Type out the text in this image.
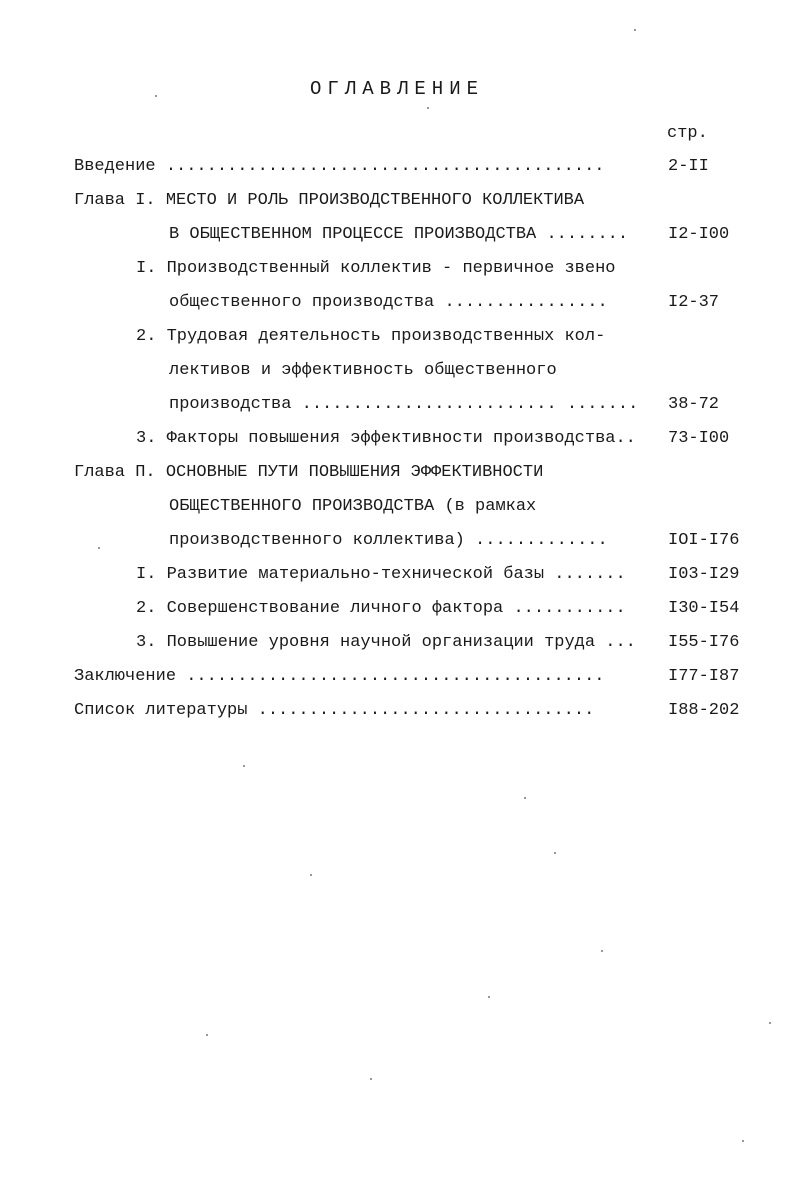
ОГЛАВЛЕНИЕ
стр.
Введение ...........................................	2-II
Глава I. МЕСТО И РОЛЬ ПРОИЗВОДСТВЕННОГО КОЛЛЕКТИВА
В ОБЩЕСТВЕННОМ ПРОЦЕССЕ ПРОИЗВОДСТВА ........ I2-I00
I. Производственный коллектив - первичное звено
общественного производства ................	I2-37
2. Трудовая деятельность производственных кол-
лективов и эффективность общественного
производства ......................... ....... 38-72
3. Факторы повышения эффективности производства.. 73-I00
Глава П. ОСНОВНЫЕ ПУТИ ПОВЫШЕНИЯ ЭФФЕКТИВНОСТИ
ОБЩЕСТВЕННОГО ПРОИЗВОДСТВА (в рамках
производственного коллектива) .............	IOI-I76
I. Развитие материально-технической базы ....... I03-I29
2. Совершенствование личного фактора ........... I30-I54
3. Повышение уровня научной организации труда ... I55-I76
Заключение .........................................	I77-I87
Список литературы .................................	I88-202
